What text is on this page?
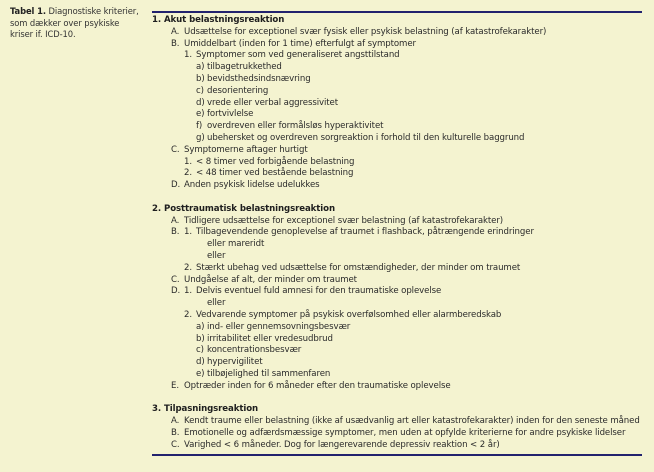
Tabel 1. Diagnostiske kriterier, som dækker over psykiske kriser if. ICD-10.
1. Akut belastningsreaktion
A. Udsættelse for exceptionel svær fysisk eller psykisk belastning (af katastrofekarakter)
B. Umiddelbart (inden for 1 time) efterfulgt af symptomer
1. Symptomer som ved generaliseret angsttilstand
a) tilbagetrukkethed
b) bevidsthedsindsnævring
c) desorientering
d) vrede eller verbal aggressivitet
e) fortvivlelse
f) overdreven eller formålsløs hyperaktivitet
g) ubehersket og overdreven sorgreaktion i forhold til den kulturelle baggrund
C. Symptomerne aftager hurtigt
1. < 8 timer ved forbigående belastning
2. < 48 timer ved bestående belastning
D. Anden psykisk lidelse udelukkes
2. Posttraumatisk belastningsreaktion
A. Tidligere udsættelse for exceptionel svær belastning (af katastrofekarakter)
B. 1. Tilbagevendende genoplevelse af traumet i flashback, påtrængende erindringer
eller mareridt
eller
2. Stærkt ubehag ved udsættelse for omstændigheder, der minder om traumet
C. Undgåelse af alt, der minder om traumet
D. 1. Delvis eventuel fuld amnesi for den traumatiske oplevelse
eller
2. Vedvarende symptomer på psykisk overfølsomhed eller alarmberedskab
a) ind- eller gennemsovningsbesvær
b) irritabilitet eller vredesudbrud
c) koncentrationsbesvær
d) hypervigilitet
e) tilbøjelighed til sammenfaren
E. Optræder inden for 6 måneder efter den traumatiske oplevelse
3. Tilpasningsreaktion
A. Kendt traume eller belastning (ikke af usædvanlig art eller katastrofekarakter) inden for den seneste måned
B. Emotionelle og adfærdsmæssige symptomer, men uden at opfylde kriterierne for andre psykiske lidelser
C. Varighed < 6 måneder. Dog for længerevarende depressiv reaktion < 2 år)
